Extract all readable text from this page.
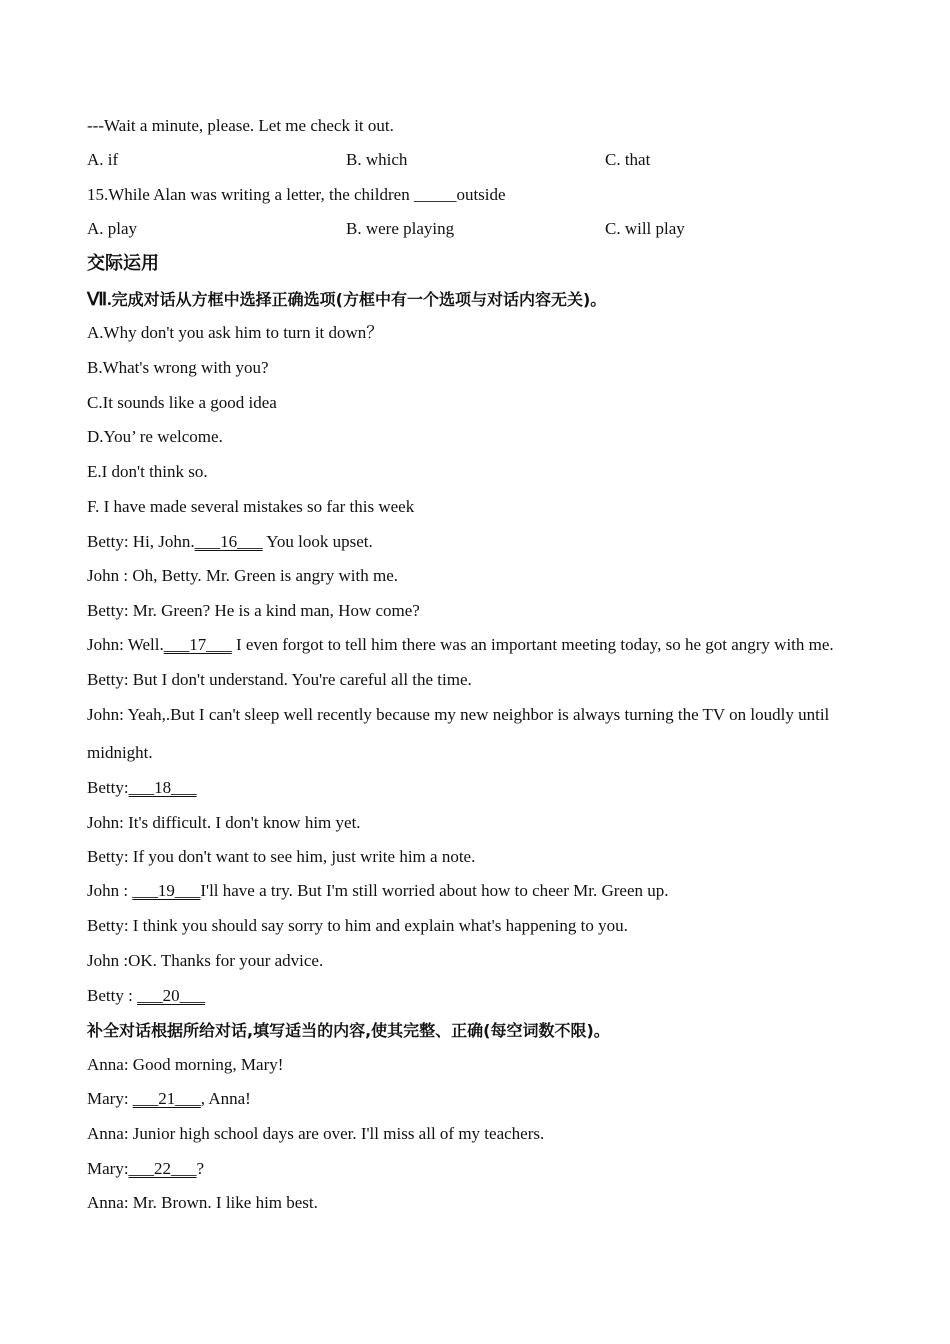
---Wait a minute, please. Let me check it out.
A. if	B. which	C. that
15.While Alan was writing a letter, the children _____outside
A. play	B. were playing	C. will play
交际运用
Ⅶ.完成对话从方框中选择正确选项(方框中有一个选项与对话内容无关)。
A.Why don't you ask him to turn it down？
B.What's wrong with you?
C.It sounds like a good idea
D.You’ re welcome.
E.I don't think so.
F. I have made several mistakes so far this week
Betty: Hi, John.___16___ You look upset.
John : Oh, Betty. Mr. Green is angry with me.
Betty: Mr. Green? He is a kind man, How come?
John: Well.___17___ I even forgot to tell him there was an important meeting today, so he got angry with me.
Betty: But I don't understand. You're careful all the time.
John: Yeah,.But I can't sleep well recently because my new neighbor is always turning the TV on loudly until
midnight.
Betty:___18___
John: It's difficult. I don't know him yet.
Betty: If you don't want to see him, just write him a note.
John : ___19___I'll have a try. But I'm still worried about how to cheer Mr. Green up.
Betty: I think you should say sorry to him and explain what's happening to you.
John :OK. Thanks for your advice.
Betty : ___20___
补全对话根据所给对话,填写适当的内容,使其完整、正确(每空词数不限)。
Anna: Good morning, Mary!
Mary: ___21___, Anna!
Anna: Junior high school days are over. I'll miss all of my teachers.
Mary:___22___?
Anna: Mr. Brown. I like him best.
